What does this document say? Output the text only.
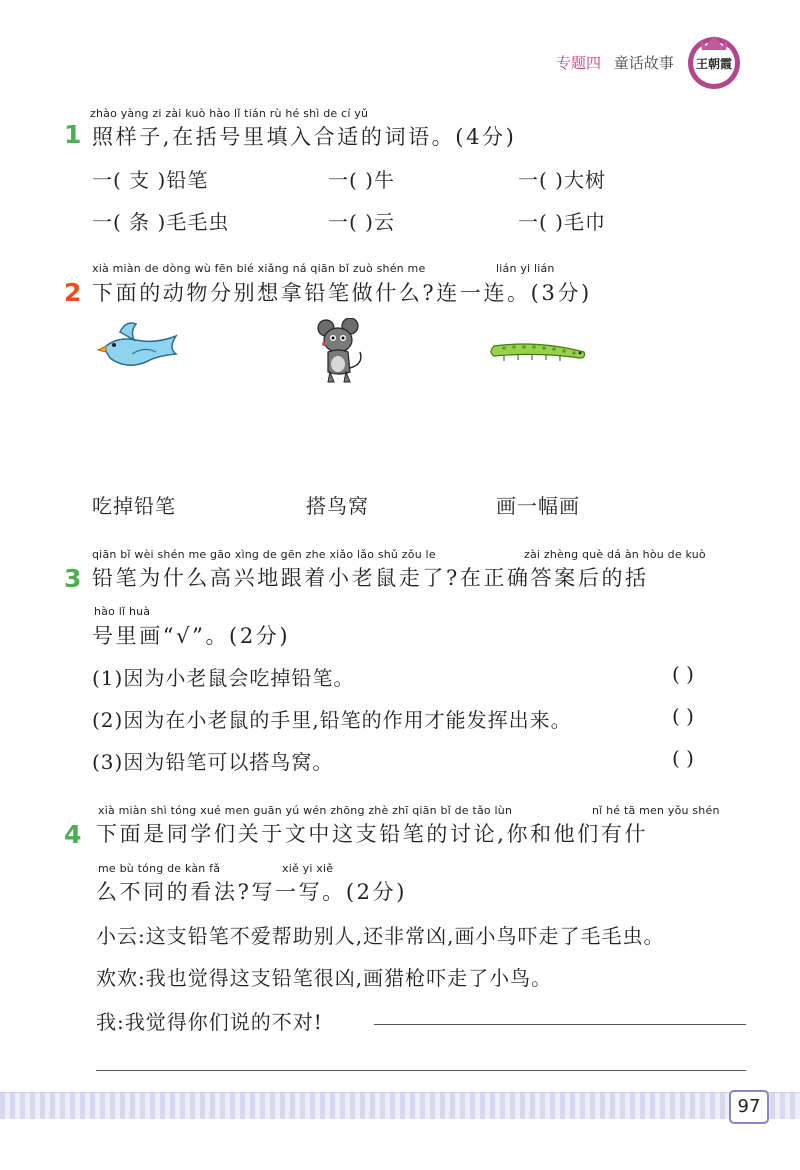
专题四 童话故事 王朝霞
1
zhào yàng zi zài kuò hào lǐ tián rù hé shì de cí yǔ
照样子,在括号里填入合适的词语。(4分)
一( 支 )铅笔	一( )牛	一( )大树
一( 条 )毛毛虫	一( )云	一( )毛巾
2
xià miàn de dòng wù fēn bié xiǎng ná qiān bǐ zuò shén me	lián yi lián
下面的动物分别想拿铅笔做什么?连一连。(3分)
吃掉铅笔	搭鸟窝	画一幅画
3
qiān bǐ wèi shén me gāo xìng de gēn zhe xiǎo lǎo shǔ zǒu le	zài zhèng què dá àn hòu de kuò
铅笔为什么高兴地跟着小老鼠走了?在正确答案后的括
hào lǐ huà
号里画“√”。(2分)
(1)因为小老鼠会吃掉铅笔。	( )
(2)因为在小老鼠的手里,铅笔的作用才能发挥出来。	( )
(3)因为铅笔可以搭鸟窝。	( )
4
xià miàn shì tóng xué men guān yú wén zhōng zhè zhī qiān bǐ de tǎo lùn	nǐ hé tā men yǒu shén
下面是同学们关于文中这支铅笔的讨论,你和他们有什
me bù tóng de kàn fǎ	xiě yi xiě
么不同的看法?写一写。(2分)
小云:这支铅笔不爱帮助别人,还非常凶,画小鸟吓走了毛毛虫。
欢欢:我也觉得这支铅笔很凶,画猎枪吓走了小鸟。
我:我觉得你们说的不对!
97
